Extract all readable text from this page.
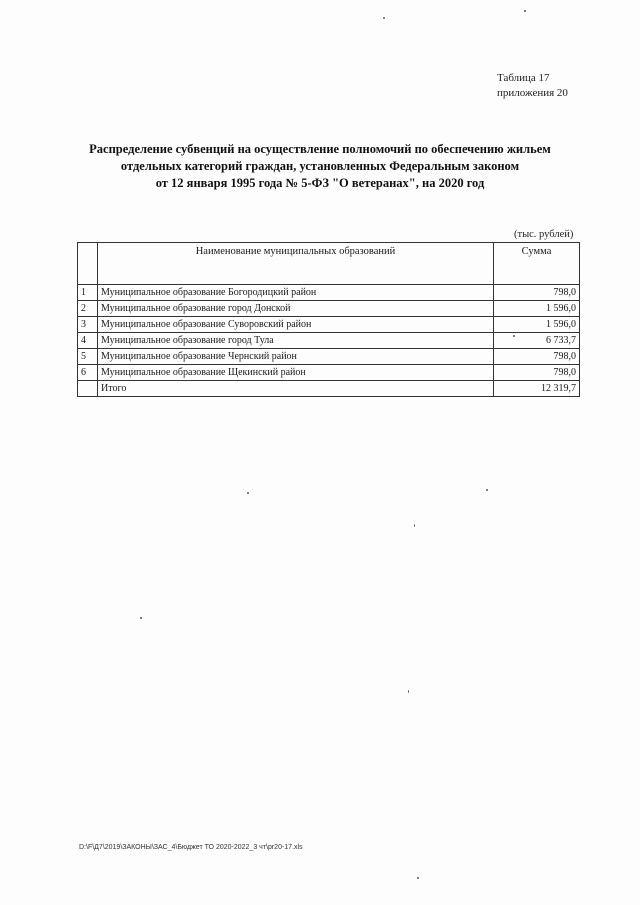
Таблица 17
приложения 20
Распределение субвенций на осуществление полномочий по обеспечению жильем
отдельных категорий граждан, установленных Федеральным законом
от 12 января 1995 года № 5-ФЗ "О ветеранах", на 2020 год
(тыс. рублей)
	Наименование муниципальных образований	Сумма
1	Муниципальное образование Богородицкий район	798,0
2	Муниципальное образование город Донской	1 596,0
3	Муниципальное образование Суворовский район	1 596,0
4	Муниципальное образование город Тула	6 733,7
5	Муниципальное образование Чернский район	798,0
6	Муниципальное образование Щекинский район	798,0
	Итого	12 319,7
D:\F\Д7\2019\ЗАКОНЫ\ЗАС_4\Бюджет ТО 2020-2022_3 чт\pr20-17.xls
